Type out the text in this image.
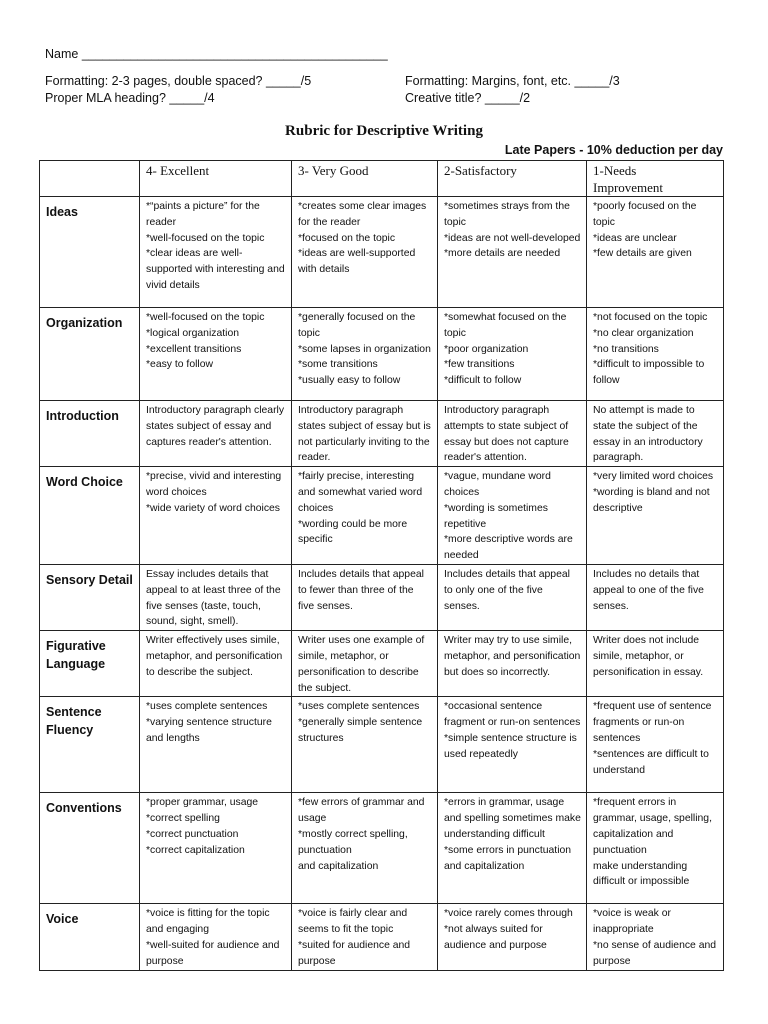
Name ____________________________________________
Formatting: 2-3 pages, double spaced? _____/5	Formatting: Margins, font, etc. _____/3
Proper MLA heading? _____/4	Creative title? _____/2
Rubric for Descriptive Writing
Late Papers - 10% deduction per day
	4- Excellent	3- Very Good	2-Satisfactory	1-Needs
Improvement
Ideas	*“paints a picture” for the reader
*well-focused on the topic
*clear ideas are well-supported with interesting and vivid details	*creates some clear images for the reader
*focused on the topic
*ideas are well-supported with details	*sometimes strays from the topic
*ideas are not well-developed
*more details are needed	*poorly focused on the topic
*ideas are unclear
*few details are given
Organization	*well-focused on the topic
*logical organization
*excellent transitions
*easy to follow	*generally focused on the topic
*some lapses in organization
*some transitions
*usually easy to follow	*somewhat focused on the topic
*poor organization
*few transitions
*difficult to follow	*not focused on the topic
*no clear organization
*no transitions
*difficult to impossible to follow
Introduction	Introductory paragraph clearly states subject of essay and captures reader's attention.	Introductory paragraph states subject of essay but is not particularly inviting to the reader.	Introductory paragraph attempts to state subject of essay but does not capture reader's attention.	No attempt is made to state the subject of the essay in an introductory paragraph.
Word Choice	*precise, vivid and interesting word choices
*wide variety of word choices	*fairly precise, interesting and somewhat varied word choices
*wording could be more specific	*vague, mundane word choices
*wording is sometimes repetitive
*more descriptive words are needed	*very limited word choices
*wording is bland and not descriptive
Sensory Detail	Essay includes details that appeal to at least three of the five senses (taste, touch, sound, sight, smell).	Includes details that appeal to fewer than three of the five senses.	Includes details that appeal to only one of the five senses.	Includes no details that appeal to one of the five senses.
Figurative Language	Writer effectively uses simile, metaphor, and personification to describe the subject.	Writer uses one example of simile, metaphor, or personification to describe the subject.	Writer may try to use simile, metaphor, and personification but does so incorrectly.	Writer does not include simile, metaphor, or personification in essay.
Sentence Fluency	*uses complete sentences
*varying sentence structure and lengths	*uses complete sentences
*generally simple sentence structures	*occasional sentence fragment or run-on sentences
*simple sentence structure is used repeatedly	*frequent use of sentence fragments or run-on sentences
*sentences are difficult to understand
Conventions	*proper grammar, usage
*correct spelling
*correct punctuation
*correct capitalization	*few errors of grammar and usage
*mostly correct spelling, punctuation
and capitalization	*errors in grammar, usage and spelling sometimes make understanding difficult
*some errors in punctuation and capitalization	*frequent errors in grammar, usage, spelling, capitalization and punctuation
make understanding difficult or impossible
Voice	*voice is fitting for the topic and engaging
*well-suited for audience and purpose	*voice is fairly clear and seems to fit the topic
*suited for audience and purpose	*voice rarely comes through
*not always suited for audience and purpose	*voice is weak or inappropriate
*no sense of audience and purpose
